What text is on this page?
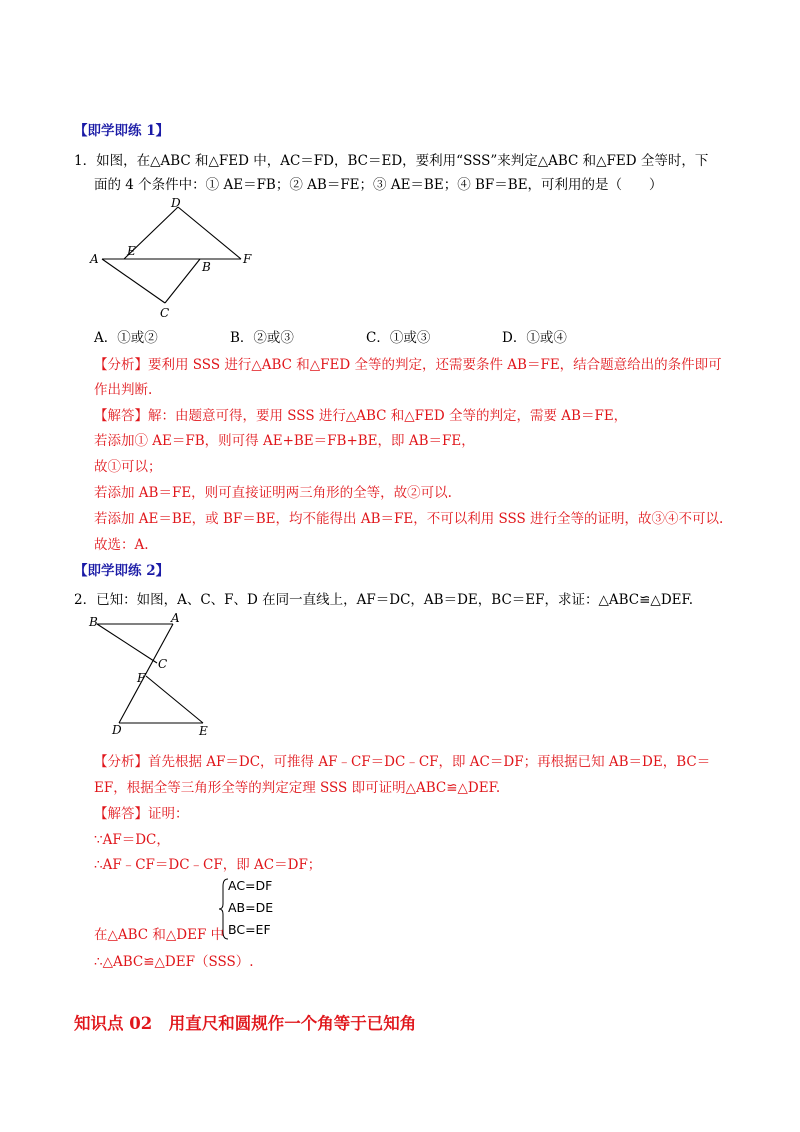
【即学即练 1】
1．如图，在△ABC 和△FED 中，AC＝FD，BC＝ED，要利用“SSS”来判定△ABC 和△FED 全等时，下
面的 4 个条件中：① AE＝FB；② AB＝FE；③ AE＝BE；④ BF＝BE，可利用的是（　　）
D
E
A
B
F
C
A．①或②	B．②或③	C．①或③	D．①或④
【分析】要利用 SSS 进行△ABC 和△FED 全等的判定，还需要条件 AB＝FE，结合题意给出的条件即可
作出判断.
【解答】解：由题意可得，要用 SSS 进行△ABC 和△FED 全等的判定，需要 AB＝FE，
若添加① AE＝FB，则可得 AE+BE＝FB+BE，即 AB＝FE，
故①可以；
若添加 AB＝FE，则可直接证明两三角形的全等，故②可以.
若添加 AE＝BE，或 BF＝BE，均不能得出 AB＝FE，不可以利用 SSS 进行全等的证明，故③④不可以.
故选：A.
【即学即练 2】
2．已知：如图，A、C、F、D 在同一直线上，AF＝DC，AB＝DE，BC＝EF，求证：△ABC≌△DEF.
B	A
C
F
D	E
【分析】首先根据 AF＝DC，可推得 AF﹣CF＝DC﹣CF，即 AC＝DF；再根据已知 AB＝DE，BC＝
EF，根据全等三角形全等的判定定理 SSS 即可证明△ABC≌△DEF.
【解答】证明：
∵AF＝DC，
∴AF﹣CF＝DC﹣CF，即 AC＝DF；
AC=DF
AB=DE
BC=EF
在△ABC 和△DEF 中
∴△ABC≌△DEF（SSS）.
知识点 02　用直尺和圆规作一个角等于已知角
